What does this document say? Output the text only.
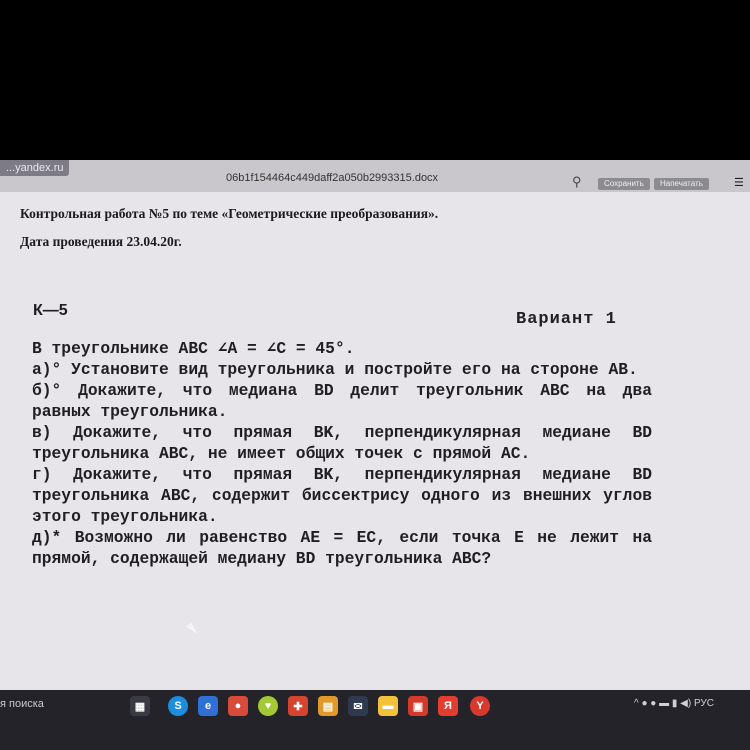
...yandex.ru
06b1f154464c449daff2a050b2993315.docx	⚲	Сохранить	Напечатать	☰
Контрольная работа №5 по теме «Геометрические преобразования».
Дата проведения 23.04.20г.
К—5	Вариант 1

В треугольнике ABC ∠A = ∠C = 45°.

а)° Установите вид треугольника и постройте его на стороне AB.

б)° Докажите, что медиана BD делит треугольник ABC на два равных треугольника.

в) Докажите, что прямая BK, перпендикулярная медиане BD треугольника ABC, не имеет общих точек с прямой AC.

г) Докажите, что прямая BK, перпендикулярная медиане BD треугольника ABC, содержит биссектрису одного из внешних углов этого треугольника.

д)* Возможно ли равенство AE = EC, если точка E не лежит на прямой, содержащей медиану BD треугольника ABC?

я поиска	▦	S	e	●	♥	✚	▤	✉	▬	▣	Я	Y	^ ● ● ▬ ▮ ◀) РУС
